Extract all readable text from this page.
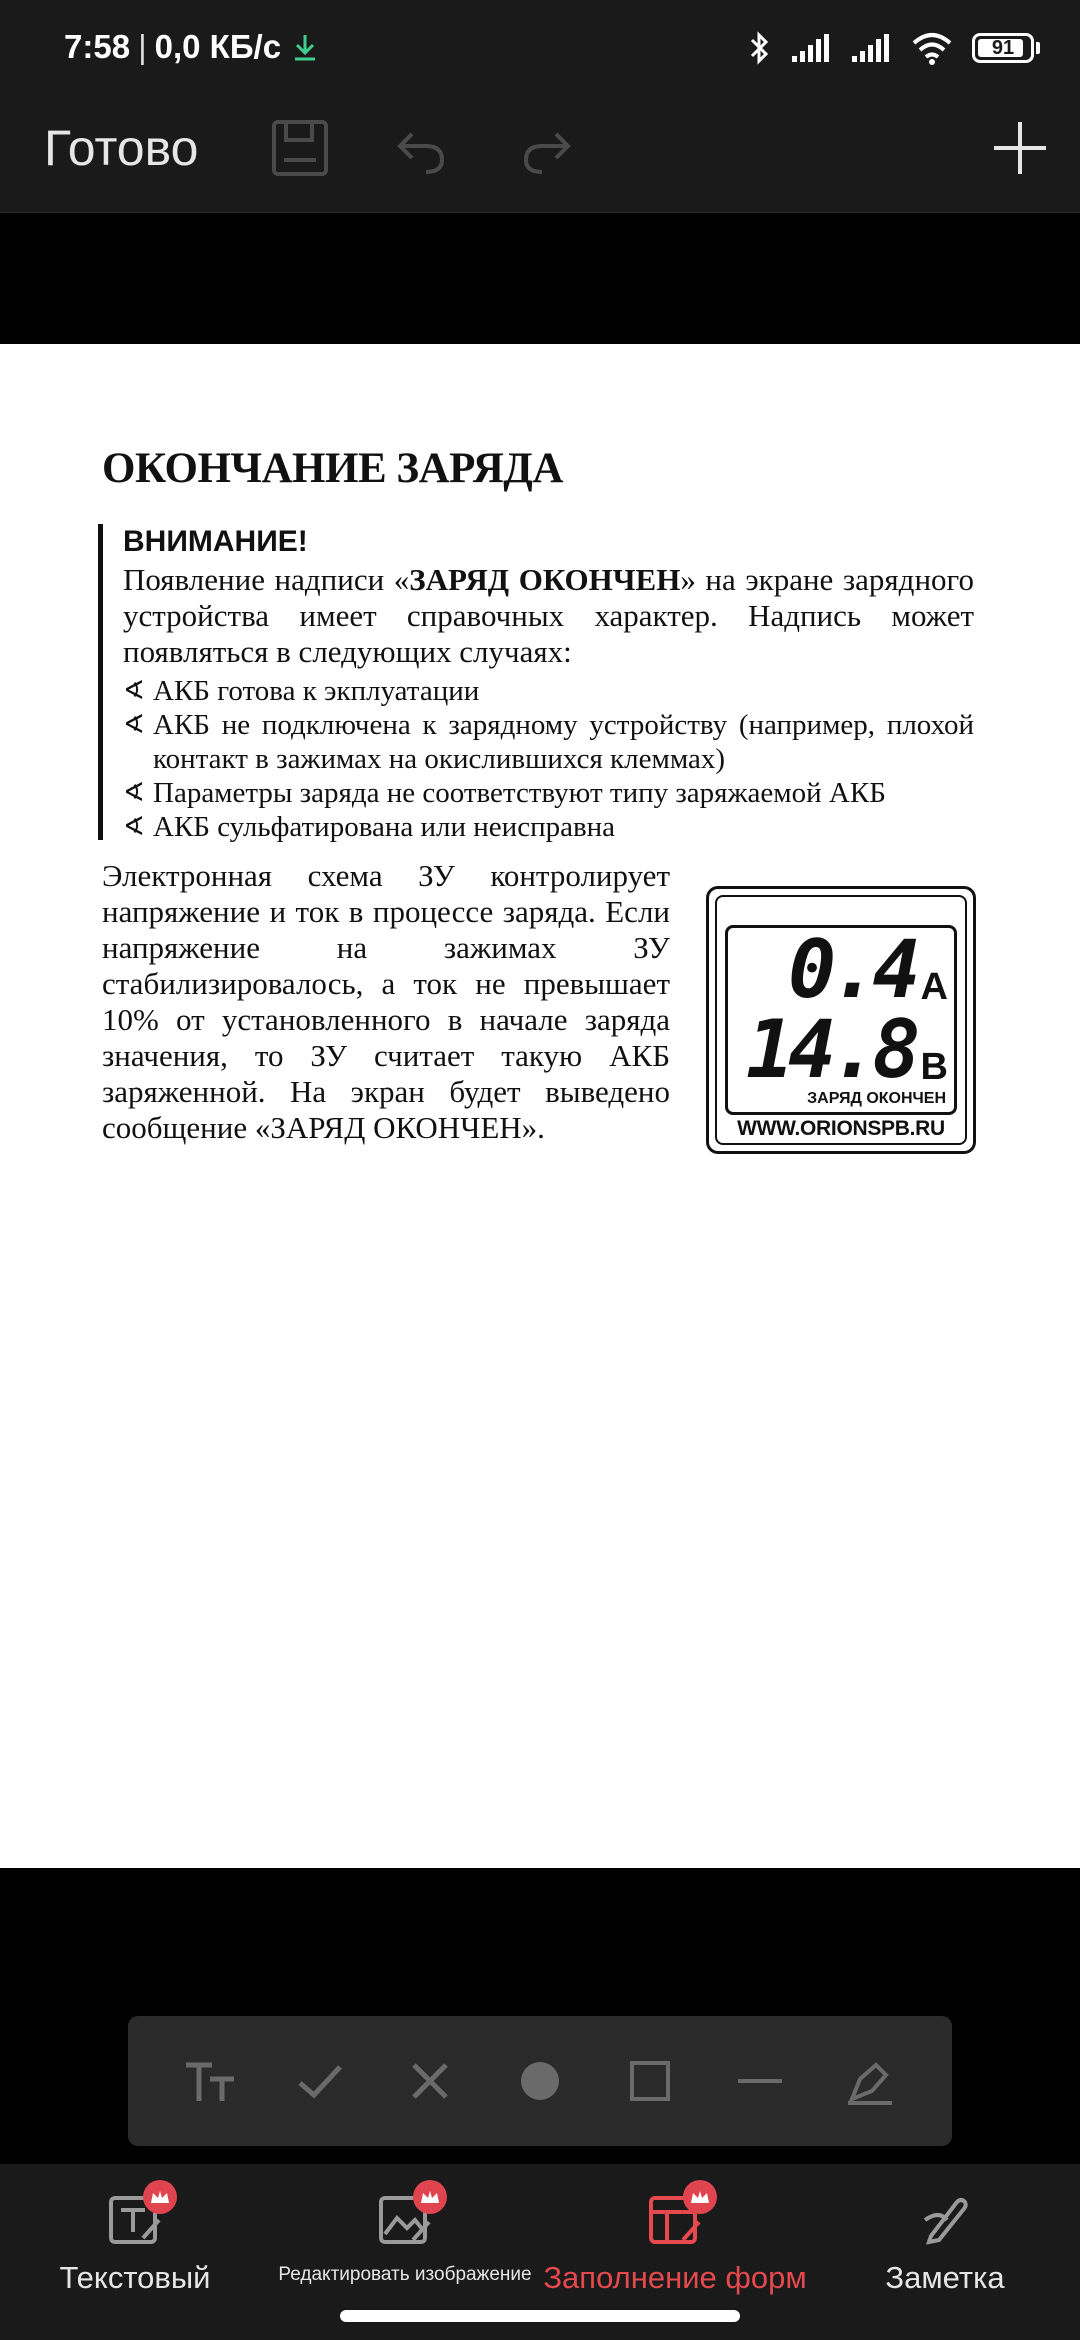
7:58 | 0,0 КБ/с	91
Готово
ОКОНЧАНИЕ ЗАРЯДА

ВНИМАНИЕ!

Появление надписи «ЗАРЯД ОКОНЧЕН» на экране зарядного устройства имеет справочных характер. Надпись может появляться в следующих случаях:

∢ АКБ готова к экплуатации
∢ АКБ не подключена к зарядному устройству (например, плохой контакт в зажимах на окислившихся клеммах)
∢ Параметры заряда не соответствуют типу заряжаемой АКБ
∢ АКБ сульфатирована или неисправна

Электронная схема ЗУ контролирует напряжение и ток в процессе заряда. Если напряжение на зажимах ЗУ стабилизировалось, а ток не превышает 10% от установленного в начале заряда значения, то ЗУ считает такую АКБ заряженной. На экран будет выведено сообщение «ЗАРЯД ОКОНЧЕН».

0.4 А
14.8 В
ЗАРЯД ОКОНЧЕН
WWW.ORIONSPB.RU
Текстовый	Редактировать изображение Заполнение форм	Заметка
